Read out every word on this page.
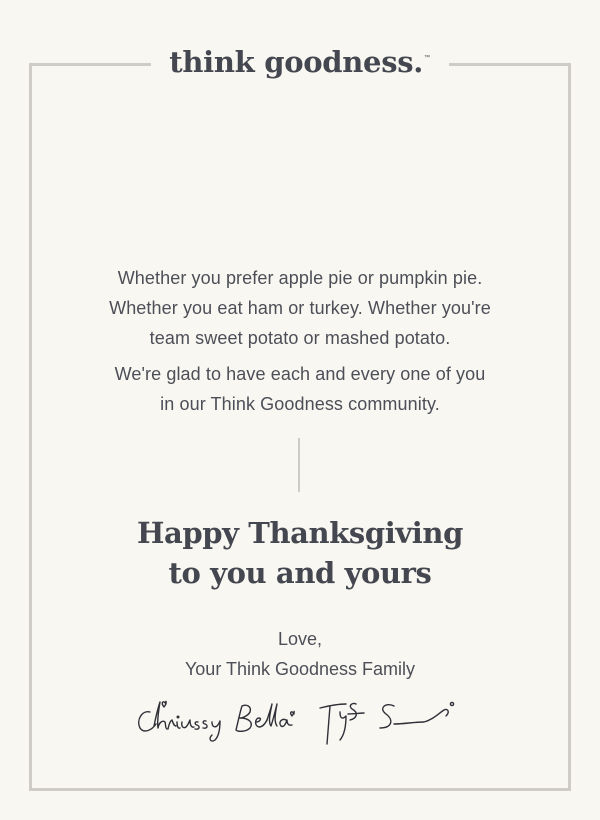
think goodness.™

Whether you prefer apple pie or pumpkin pie.
Whether you eat ham or turkey. Whether you're
team sweet potato or mashed potato.

We're glad to have each and every one of you
in our Think Goodness community.

Happy Thanksgiving
to you and yours
Love,
Your Think Goodness Family
